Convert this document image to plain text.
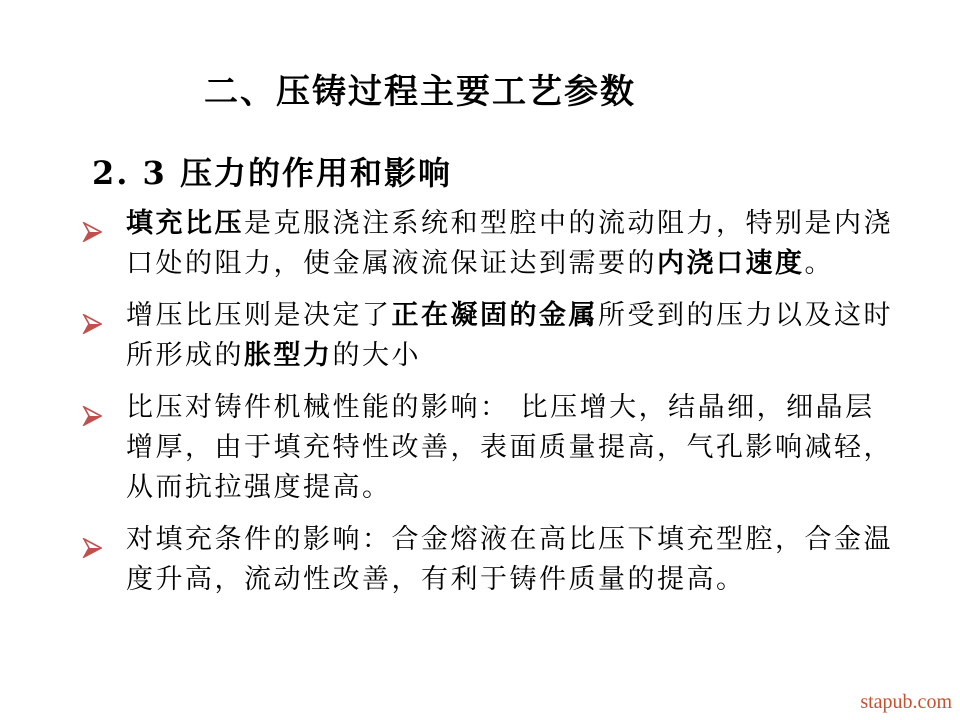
二、压铸过程主要工艺参数
2. 3 压力的作用和影响
填充比压是克服浇注系统和型腔中的流动阻力，特别是内浇口处的阻力，使金属液流保证达到需要的内浇口速度。
增压比压则是决定了正在凝固的金属所受到的压力以及这时所形成的胀型力的大小
比压对铸件机械性能的影响： 比压增大，结晶细，细晶层增厚，由于填充特性改善，表面质量提高，气孔影响减轻，从而抗拉强度提高。
对填充条件的影响：合金熔液在高比压下填充型腔，合金温度升高，流动性改善，有利于铸件质量的提高。
stapub.com
